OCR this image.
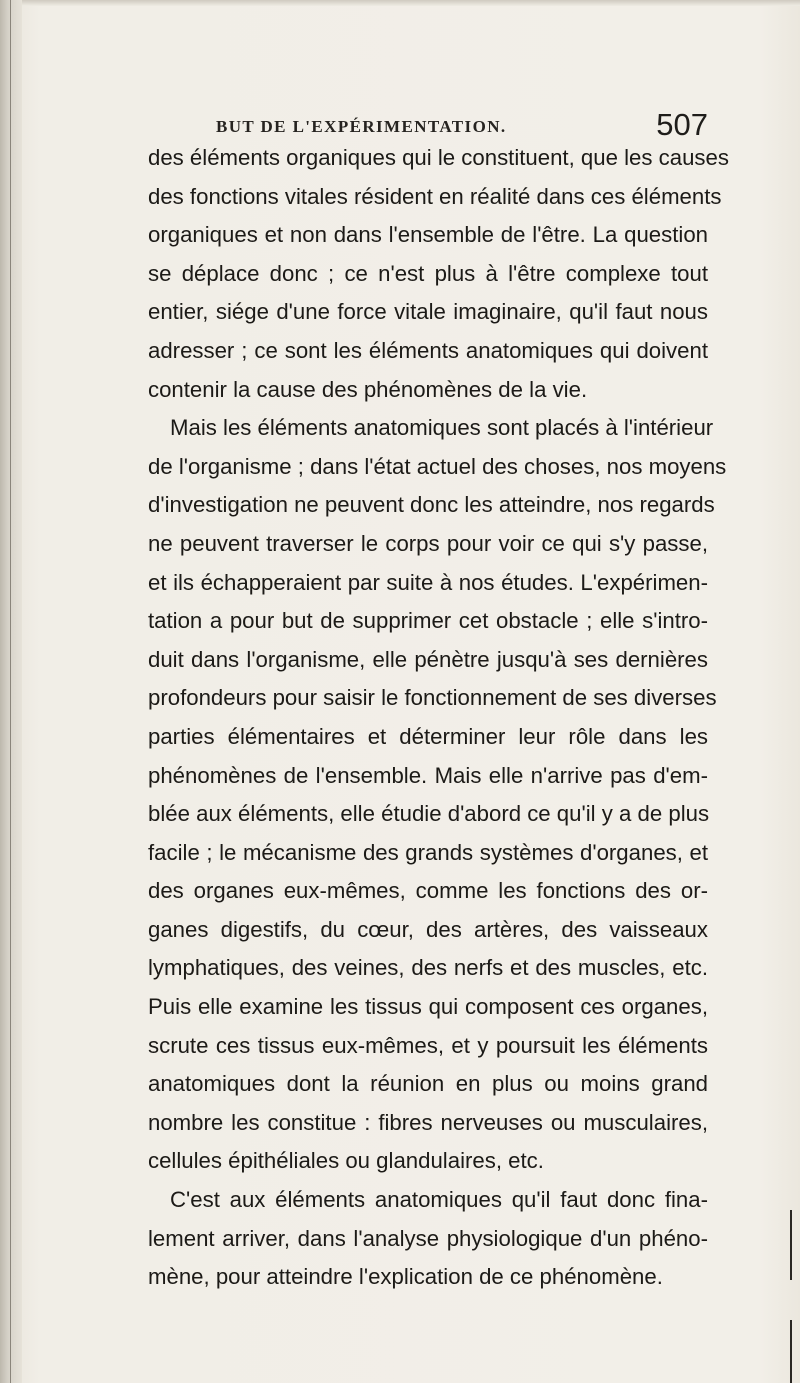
BUT DE L'EXPÉRIMENTATION.	507
des éléments organiques qui le constituent, que les causes
des fonctions vitales résident en réalité dans ces éléments
organiques et non dans l'ensemble de l'être. La question
se déplace donc ; ce n'est plus à l'être complexe tout
entier, siége d'une force vitale imaginaire, qu'il faut nous
adresser ; ce sont les éléments anatomiques qui doivent
contenir la cause des phénomènes de la vie.
Mais les éléments anatomiques sont placés à l'intérieur
de l'organisme ; dans l'état actuel des choses, nos moyens
d'investigation ne peuvent donc les atteindre, nos regards
ne peuvent traverser le corps pour voir ce qui s'y passe,
et ils échapperaient par suite à nos études. L'expérimen-
tation a pour but de supprimer cet obstacle ; elle s'intro-
duit dans l'organisme, elle pénètre jusqu'à ses dernières
profondeurs pour saisir le fonctionnement de ses diverses
parties élémentaires et déterminer leur rôle dans les
phénomènes de l'ensemble. Mais elle n'arrive pas d'em-
blée aux éléments, elle étudie d'abord ce qu'il y a de plus
facile ; le mécanisme des grands systèmes d'organes, et
des organes eux-mêmes, comme les fonctions des or-
ganes digestifs, du cœur, des artères, des vaisseaux
lymphatiques, des veines, des nerfs et des muscles, etc.
Puis elle examine les tissus qui composent ces organes,
scrute ces tissus eux-mêmes, et y poursuit les éléments
anatomiques dont la réunion en plus ou moins grand
nombre les constitue : fibres nerveuses ou musculaires,
cellules épithéliales ou glandulaires, etc.
C'est aux éléments anatomiques qu'il faut donc fina-
lement arriver, dans l'analyse physiologique d'un phéno-
mène, pour atteindre l'explication de ce phénomène.
